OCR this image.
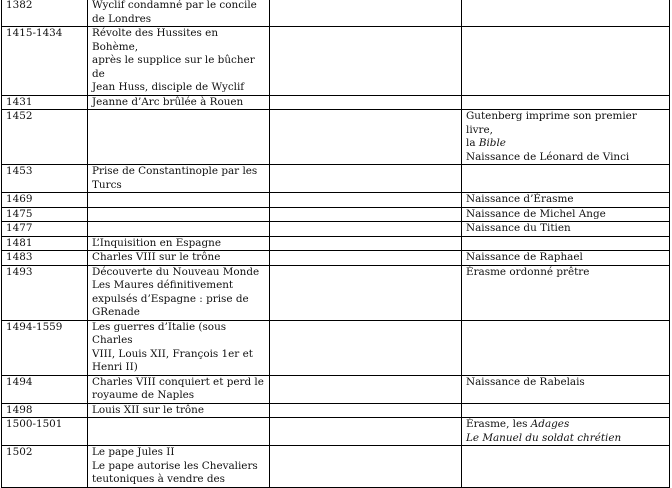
1382	Wyclif condamné par le concile
de Londres		
1415-1434	Révolte des Hussites en Bohème,
après le supplice sur le bûcher de
Jean Huss, disciple de Wyclif		
1431	Jeanne d’Arc brûlée à Rouen		
1452			Gutenberg imprime son premier livre,
la Bible
Naissance de Léonard de Vinci
1453	Prise de Constantinople par les
Turcs		
1469			Naissance d’Érasme
1475			Naissance de Michel Ange
1477			Naissance du Titien
1481	L’Inquisition en Espagne		
1483	Charles VIII sur le trône		Naissance de Raphael
1493	Découverte du Nouveau Monde
Les Maures définitivement
expulsés d’Espagne : prise de
GRenade		Érasme ordonné prêtre
1494-1559	Les guerres d’Italie (sous Charles
VIII, Louis XII, François 1er et
Henri II)		
1494	Charles VIII conquiert et perd le
royaume de Naples		Naissance de Rabelais
1498	Louis XII sur le trône		
1500-1501			Érasme, les Adages
Le Manuel du soldat chrétien
1502	Le pape Jules II
Le pape autorise les Chevaliers
teutoniques à vendre des		
